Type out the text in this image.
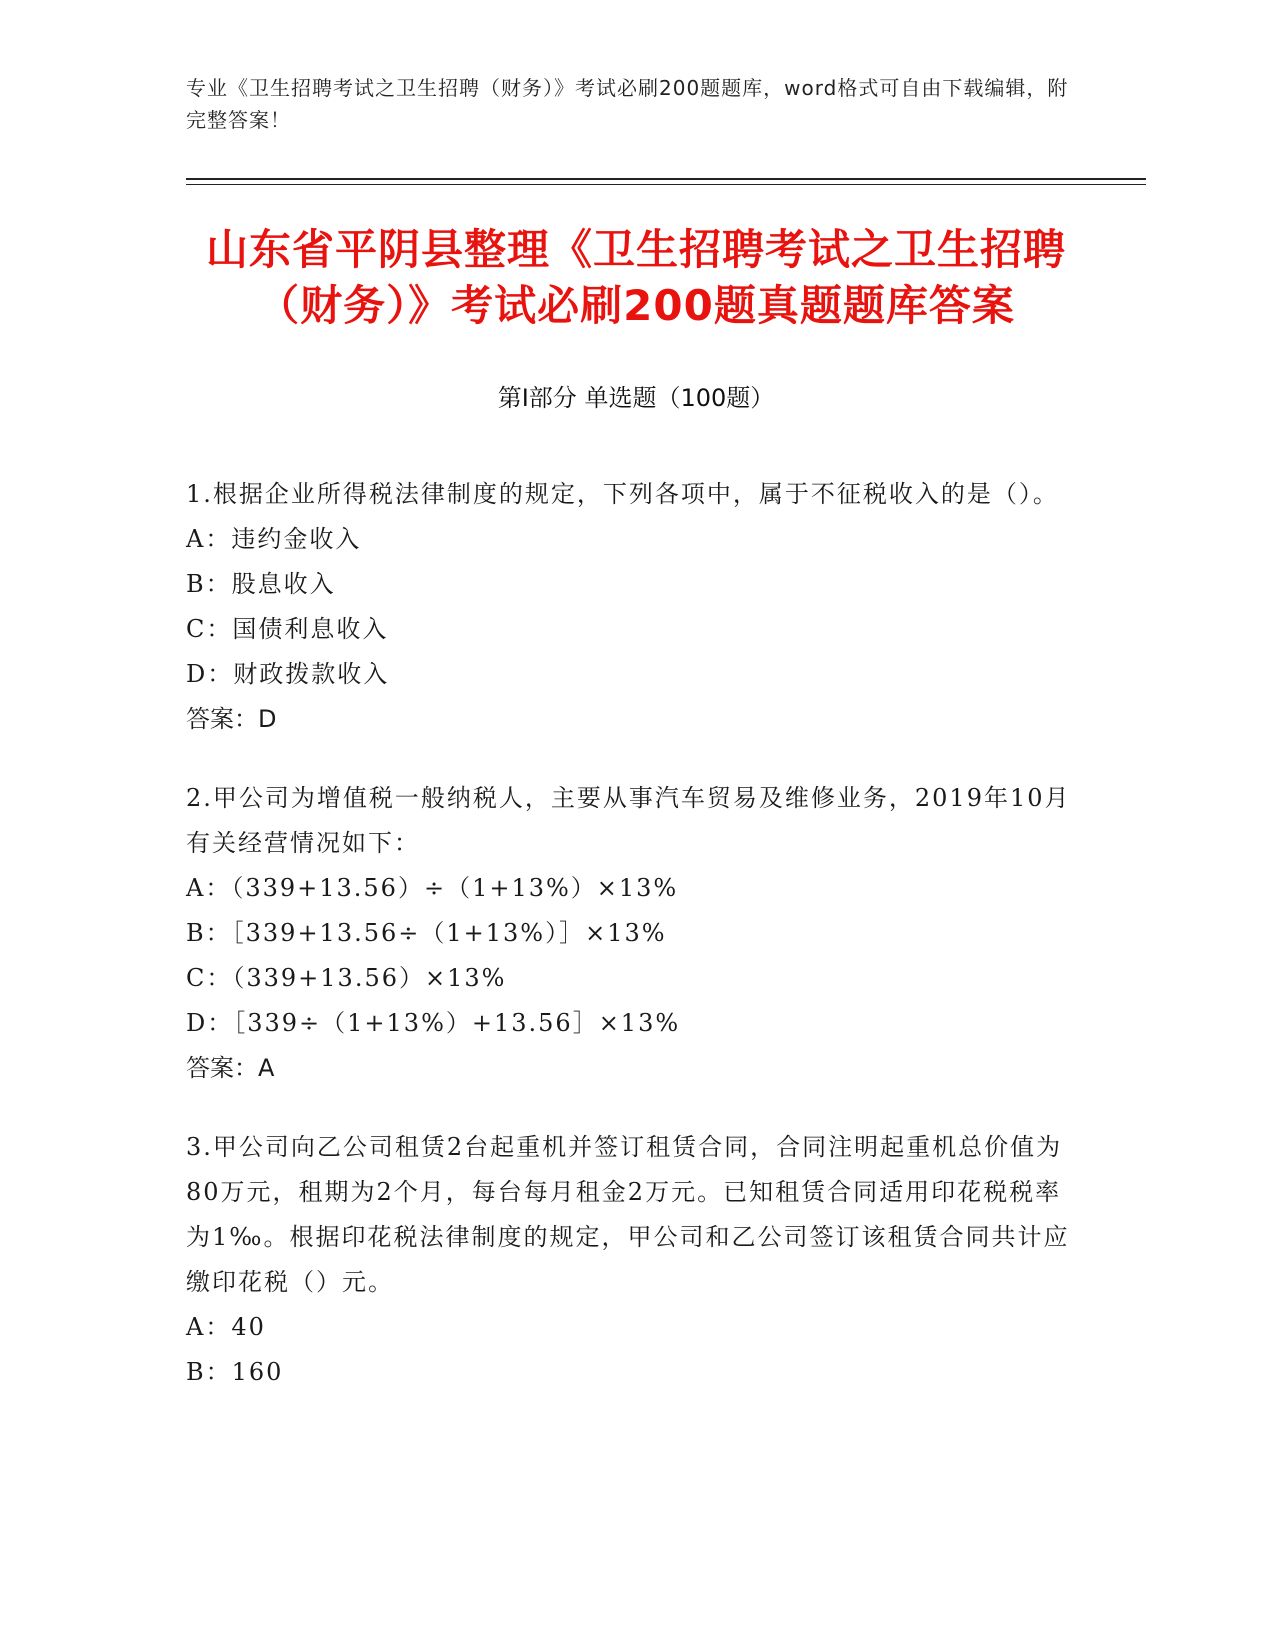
专业《卫生招聘考试之卫生招聘（财务）》考试必刷200题题库，word格式可自由下载编辑，附完整答案！
山东省平阴县整理《卫生招聘考试之卫生招聘（财务）》考试必刷200题真题题库答案
第Ⅰ部分 单选题（100题）

1.根据企业所得税法律制度的规定，下列各项中，属于不征税收入的是（）。

A：违约金收入

B：股息收入

C：国债利息收入

D：财政拨款收入

答案：D

2.甲公司为增值税一般纳税人，主要从事汽车贸易及维修业务，2019年10月有关经营情况如下：

A：（339+13.56）÷（1+13%）×13%

B：［339+13.56÷（1+13%）］×13%

C：（339+13.56）×13%

D：［339÷（1+13%）+13.56］×13%

答案：A

3.甲公司向乙公司租赁2台起重机并签订租赁合同，合同注明起重机总价值为80万元，租期为2个月，每台每月租金2万元。已知租赁合同适用印花税税率为1‰。根据印花税法律制度的规定，甲公司和乙公司签订该租赁合同共计应缴印花税（）元。

A：40

B：160
